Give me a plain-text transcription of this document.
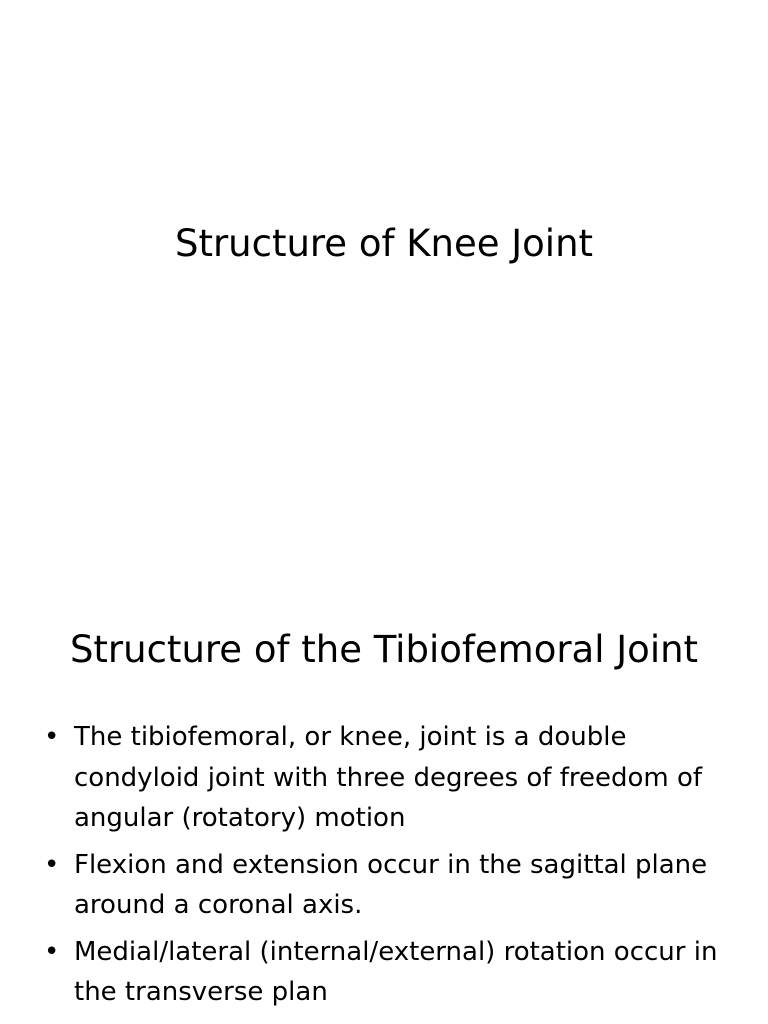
Structure of Knee Joint
Structure of the Tibiofemoral Joint
• The tibiofemoral, or knee, joint is a double condyloid joint with three degrees of freedom of angular (rotatory) motion
• Flexion and extension occur in the sagittal plane around a coronal axis.
• Medial/lateral (internal/external) rotation occur in the transverse plan
